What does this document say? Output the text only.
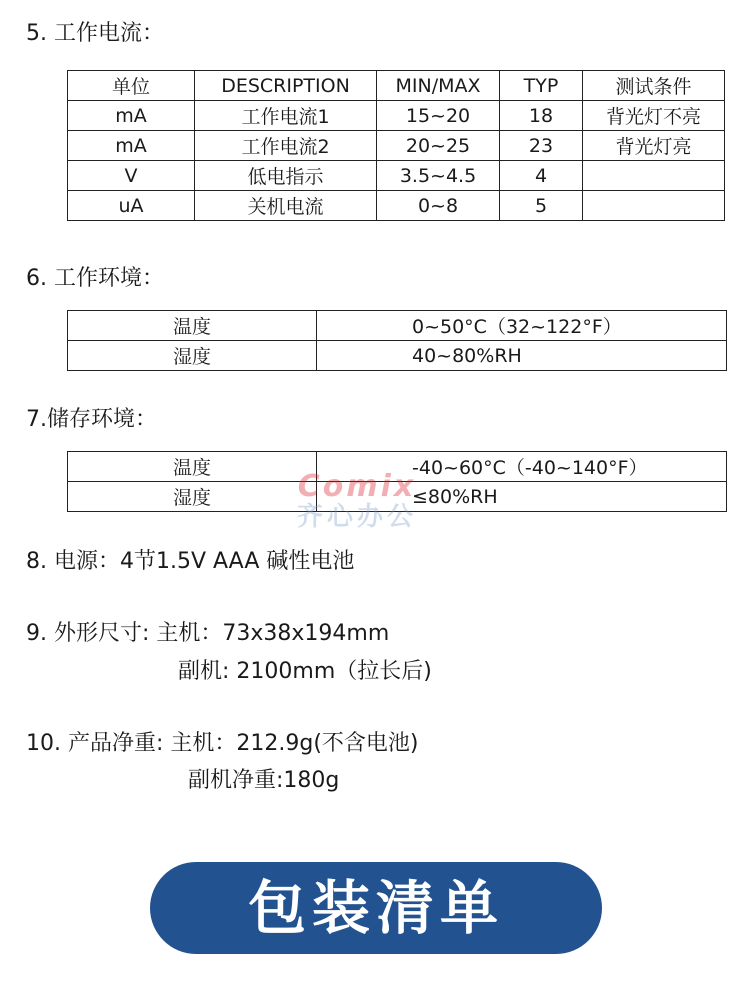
5. 工作电流：
单位	DESCRIPTION	MIN/MAX	TYP	测试条件
mA	工作电流1	15~20	18	背光灯不亮
mA	工作电流2	20~25	23	背光灯亮
V	低电指示	3.5~4.5	4	
uA	关机电流	0~8	5	
6. 工作环境：
温度	0~50°C（32~122°F）
湿度	40~80%RH
7.储存环境：
温度	-40~60°C（-40~140°F）
湿度	≤80%RH
Comix
齐心办公
8. 电源：4节1.5V AAA 碱性电池
9. 外形尺寸: 主机：73x38x194mm
副机: 2100mm（拉长后)
10. 产品净重: 主机：212.9g(不含电池)
副机净重:180g
包装清单
